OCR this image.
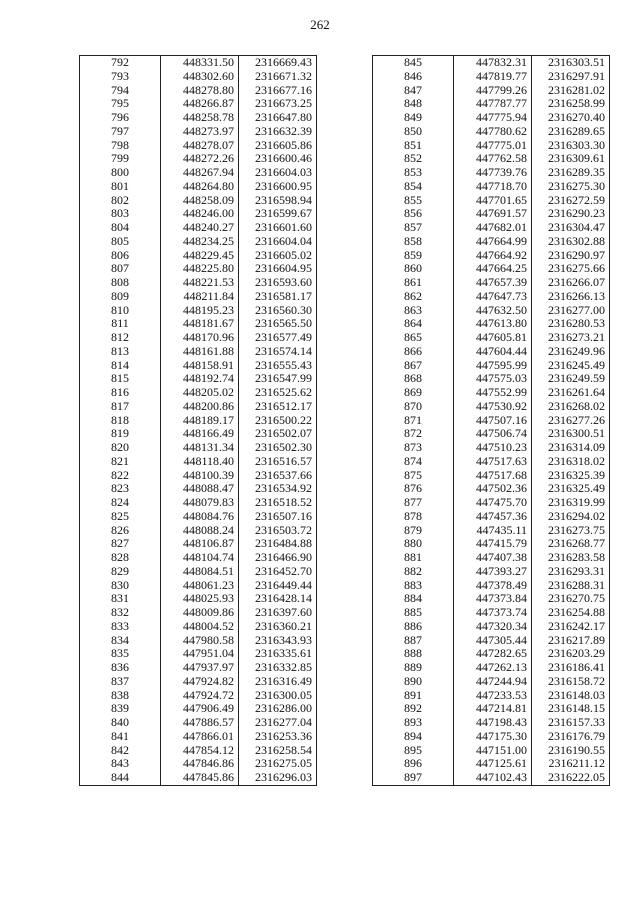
262
792	448331.50	2316669.43
793	448302.60	2316671.32
794	448278.80	2316677.16
795	448266.87	2316673.25
796	448258.78	2316647.80
797	448273.97	2316632.39
798	448278.07	2316605.86
799	448272.26	2316600.46
800	448267.94	2316604.03
801	448264.80	2316600.95
802	448258.09	2316598.94
803	448246.00	2316599.67
804	448240.27	2316601.60
805	448234.25	2316604.04
806	448229.45	2316605.02
807	448225.80	2316604.95
808	448221.53	2316593.60
809	448211.84	2316581.17
810	448195.23	2316560.30
811	448181.67	2316565.50
812	448170.96	2316577.49
813	448161.88	2316574.14
814	448158.91	2316555.43
815	448192.74	2316547.99
816	448205.02	2316525.62
817	448200.86	2316512.17
818	448189.17	2316500.22
819	448166.49	2316502.07
820	448131.34	2316502.30
821	448118.40	2316516.57
822	448100.39	2316537.66
823	448088.47	2316534.92
824	448079.83	2316518.52
825	448084.76	2316507.16
826	448088.24	2316503.72
827	448106.87	2316484.88
828	448104.74	2316466.90
829	448084.51	2316452.70
830	448061.23	2316449.44
831	448025.93	2316428.14
832	448009.86	2316397.60
833	448004.52	2316360.21
834	447980.58	2316343.93
835	447951.04	2316335.61
836	447937.97	2316332.85
837	447924.82	2316316.49
838	447924.72	2316300.05
839	447906.49	2316286.00
840	447886.57	2316277.04
841	447866.01	2316253.36
842	447854.12	2316258.54
843	447846.86	2316275.05
844	447845.86	2316296.03
845	447832.31	2316303.51
846	447819.77	2316297.91
847	447799.26	2316281.02
848	447787.77	2316258.99
849	447775.94	2316270.40
850	447780.62	2316289.65
851	447775.01	2316303.30
852	447762.58	2316309.61
853	447739.76	2316289.35
854	447718.70	2316275.30
855	447701.65	2316272.59
856	447691.57	2316290.23
857	447682.01	2316304.47
858	447664.99	2316302.88
859	447664.92	2316290.97
860	447664.25	2316275.66
861	447657.39	2316266.07
862	447647.73	2316266.13
863	447632.50	2316277.00
864	447613.80	2316280.53
865	447605.81	2316273.21
866	447604.44	2316249.96
867	447595.99	2316245.49
868	447575.03	2316249.59
869	447552.99	2316261.64
870	447530.92	2316268.02
871	447507.16	2316277.26
872	447506.74	2316300.51
873	447510.23	2316314.09
874	447517.63	2316318.02
875	447517.68	2316325.39
876	447502.36	2316325.49
877	447475.70	2316319.99
878	447457.36	2316294.02
879	447435.11	2316273.75
880	447415.79	2316268.77
881	447407.38	2316283.58
882	447393.27	2316293.31
883	447378.49	2316288.31
884	447373.84	2316270.75
885	447373.74	2316254.88
886	447320.34	2316242.17
887	447305.44	2316217.89
888	447282.65	2316203.29
889	447262.13	2316186.41
890	447244.94	2316158.72
891	447233.53	2316148.03
892	447214.81	2316148.15
893	447198.43	2316157.33
894	447175.30	2316176.79
895	447151.00	2316190.55
896	447125.61	2316211.12
897	447102.43	2316222.05
